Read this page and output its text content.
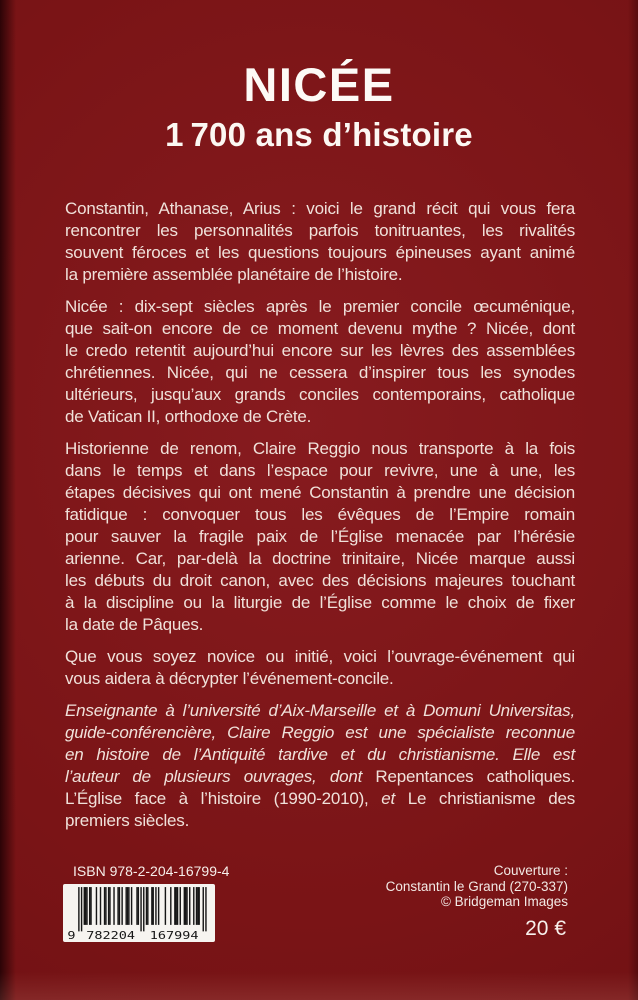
NICÉE
1 700 ans d’histoire
Constantin, Athanase, Arius : voici le grand récit qui vous fera
rencontrer les personnalités parfois tonitruantes, les rivalités
souvent féroces et les questions toujours épineuses ayant animé
la première assemblée planétaire de l’histoire.
Nicée : dix-sept siècles après le premier concile œcuménique,
que sait-on encore de ce moment devenu mythe ? Nicée, dont
le credo retentit aujourd’hui encore sur les lèvres des assemblées
chrétiennes. Nicée, qui ne cessera d’inspirer tous les synodes
ultérieurs, jusqu’aux grands conciles contemporains, catholique
de Vatican II, orthodoxe de Crète.
Historienne de renom, Claire Reggio nous transporte à la fois
dans le temps et dans l’espace pour revivre, une à une, les
étapes décisives qui ont mené Constantin à prendre une décision
fatidique : convoquer tous les évêques de l’Empire romain
pour sauver la fragile paix de l’Église menacée par l’hérésie
arienne. Car, par-delà la doctrine trinitaire, Nicée marque aussi
les débuts du droit canon, avec des décisions majeures touchant
à la discipline ou la liturgie de l’Église comme le choix de fixer
la date de Pâques.
Que vous soyez novice ou initié, voici l’ouvrage-événement qui
vous aidera à décrypter l’événement-concile.
Enseignante à l’université d’Aix-Marseille et à Domuni Universitas,
guide-conférencière, Claire Reggio est une spécialiste reconnue
en histoire de l’Antiquité tardive et du christianisme. Elle est
l’auteur de plusieurs ouvrages, dont Repentances catholiques.
L’Église face à l’histoire (1990-2010), et Le christianisme des
premiers siècles.
ISBN 978-2-204-16799-4
9 782204 167994
Couverture :
Constantin le Grand (270-337)
© Bridgeman Images
20 €
